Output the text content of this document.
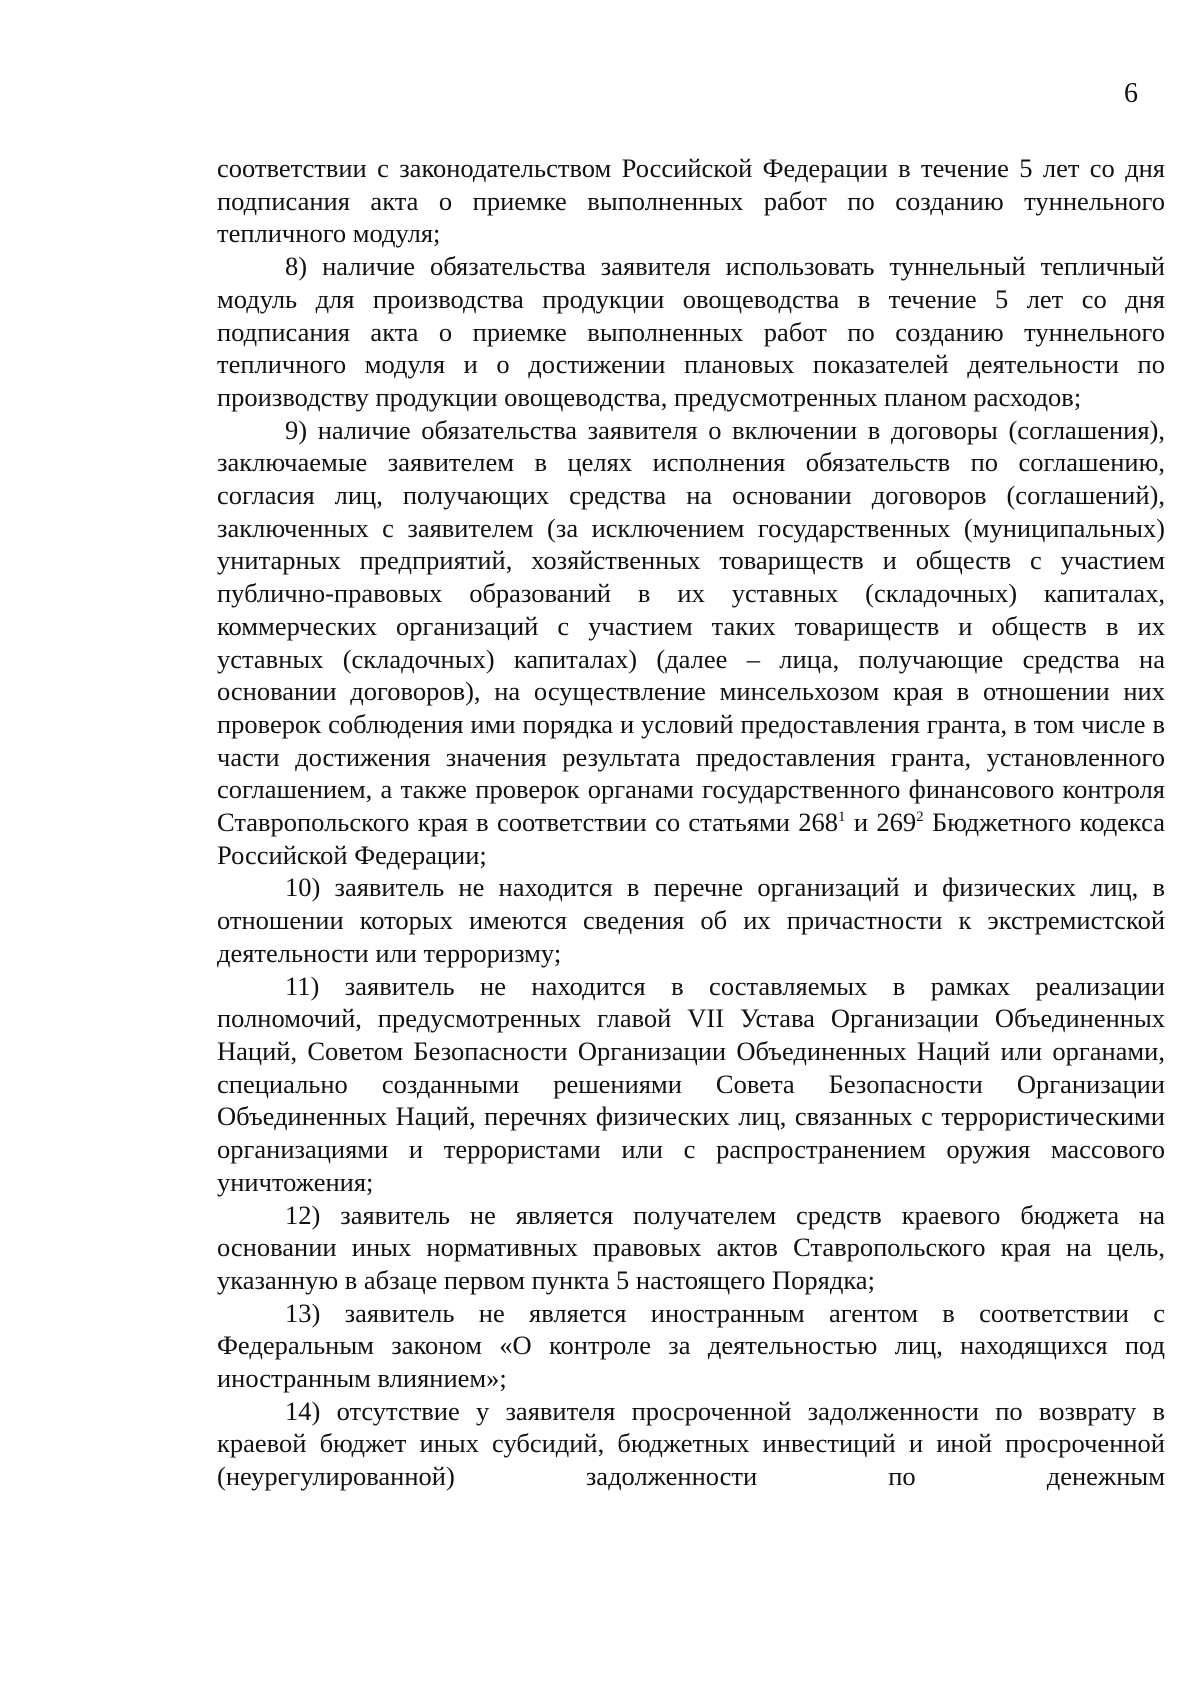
6

соответствии с законодательством Российской Федерации в течение 5 лет со дня подписания акта о приемке выполненных работ по созданию туннельного тепличного модуля;

8) наличие обязательства заявителя использовать туннельный тепличный модуль для производства продукции овощеводства в течение 5 лет со дня подписания акта о приемке выполненных работ по созданию туннельного тепличного модуля и о достижении плановых показателей деятельности по производству продукции овощеводства, предусмотренных планом расходов;

9) наличие обязательства заявителя о включении в договоры (соглашения), заключаемые заявителем в целях исполнения обязательств по соглашению, согласия лиц, получающих средства на основании договоров (соглашений), заключенных с заявителем (за исключением государственных (муниципальных) унитарных предприятий, хозяйственных товариществ и обществ с участием публично-правовых образований в их уставных (складочных) капиталах, коммерческих организаций с участием таких товариществ и обществ в их уставных (складочных) капиталах) (далее – лица, получающие средства на основании договоров), на осуществление минсельхозом края в отношении них проверок соблюдения ими порядка и условий предоставления гранта, в том числе в части достижения значения результата предоставления гранта, установленного соглашением, а также проверок органами государственного финансового контроля Ставропольского края в соответствии со статьями $268^1$ и $269^2$ Бюджетного кодекса Российской Федерации;

10) заявитель не находится в перечне организаций и физических лиц, в отношении которых имеются сведения об их причастности к экстремистской деятельности или терроризму;

11) заявитель не находится в составляемых в рамках реализации полномочий, предусмотренных главой VII Устава Организации Объединенных Наций, Советом Безопасности Организации Объединенных Наций или органами, специально созданными решениями Совета Безопасности Организации Объединенных Наций, перечнях физических лиц, связанных с террористическими организациями и террористами или с распространением оружия массового уничтожения;

12) заявитель не является получателем средств краевого бюджета на основании иных нормативных правовых актов Ставропольского края на цель, указанную в абзаце первом пункта 5 настоящего Порядка;

13) заявитель не является иностранным агентом в соответствии с Федеральным законом «О контроле за деятельностью лиц, находящихся под иностранным влиянием»;

14) отсутствие у заявителя просроченной задолженности по возврату в краевой бюджет иных субсидий, бюджетных инвестиций и иной просроченной (неурегулированной) задолженности по денежным
